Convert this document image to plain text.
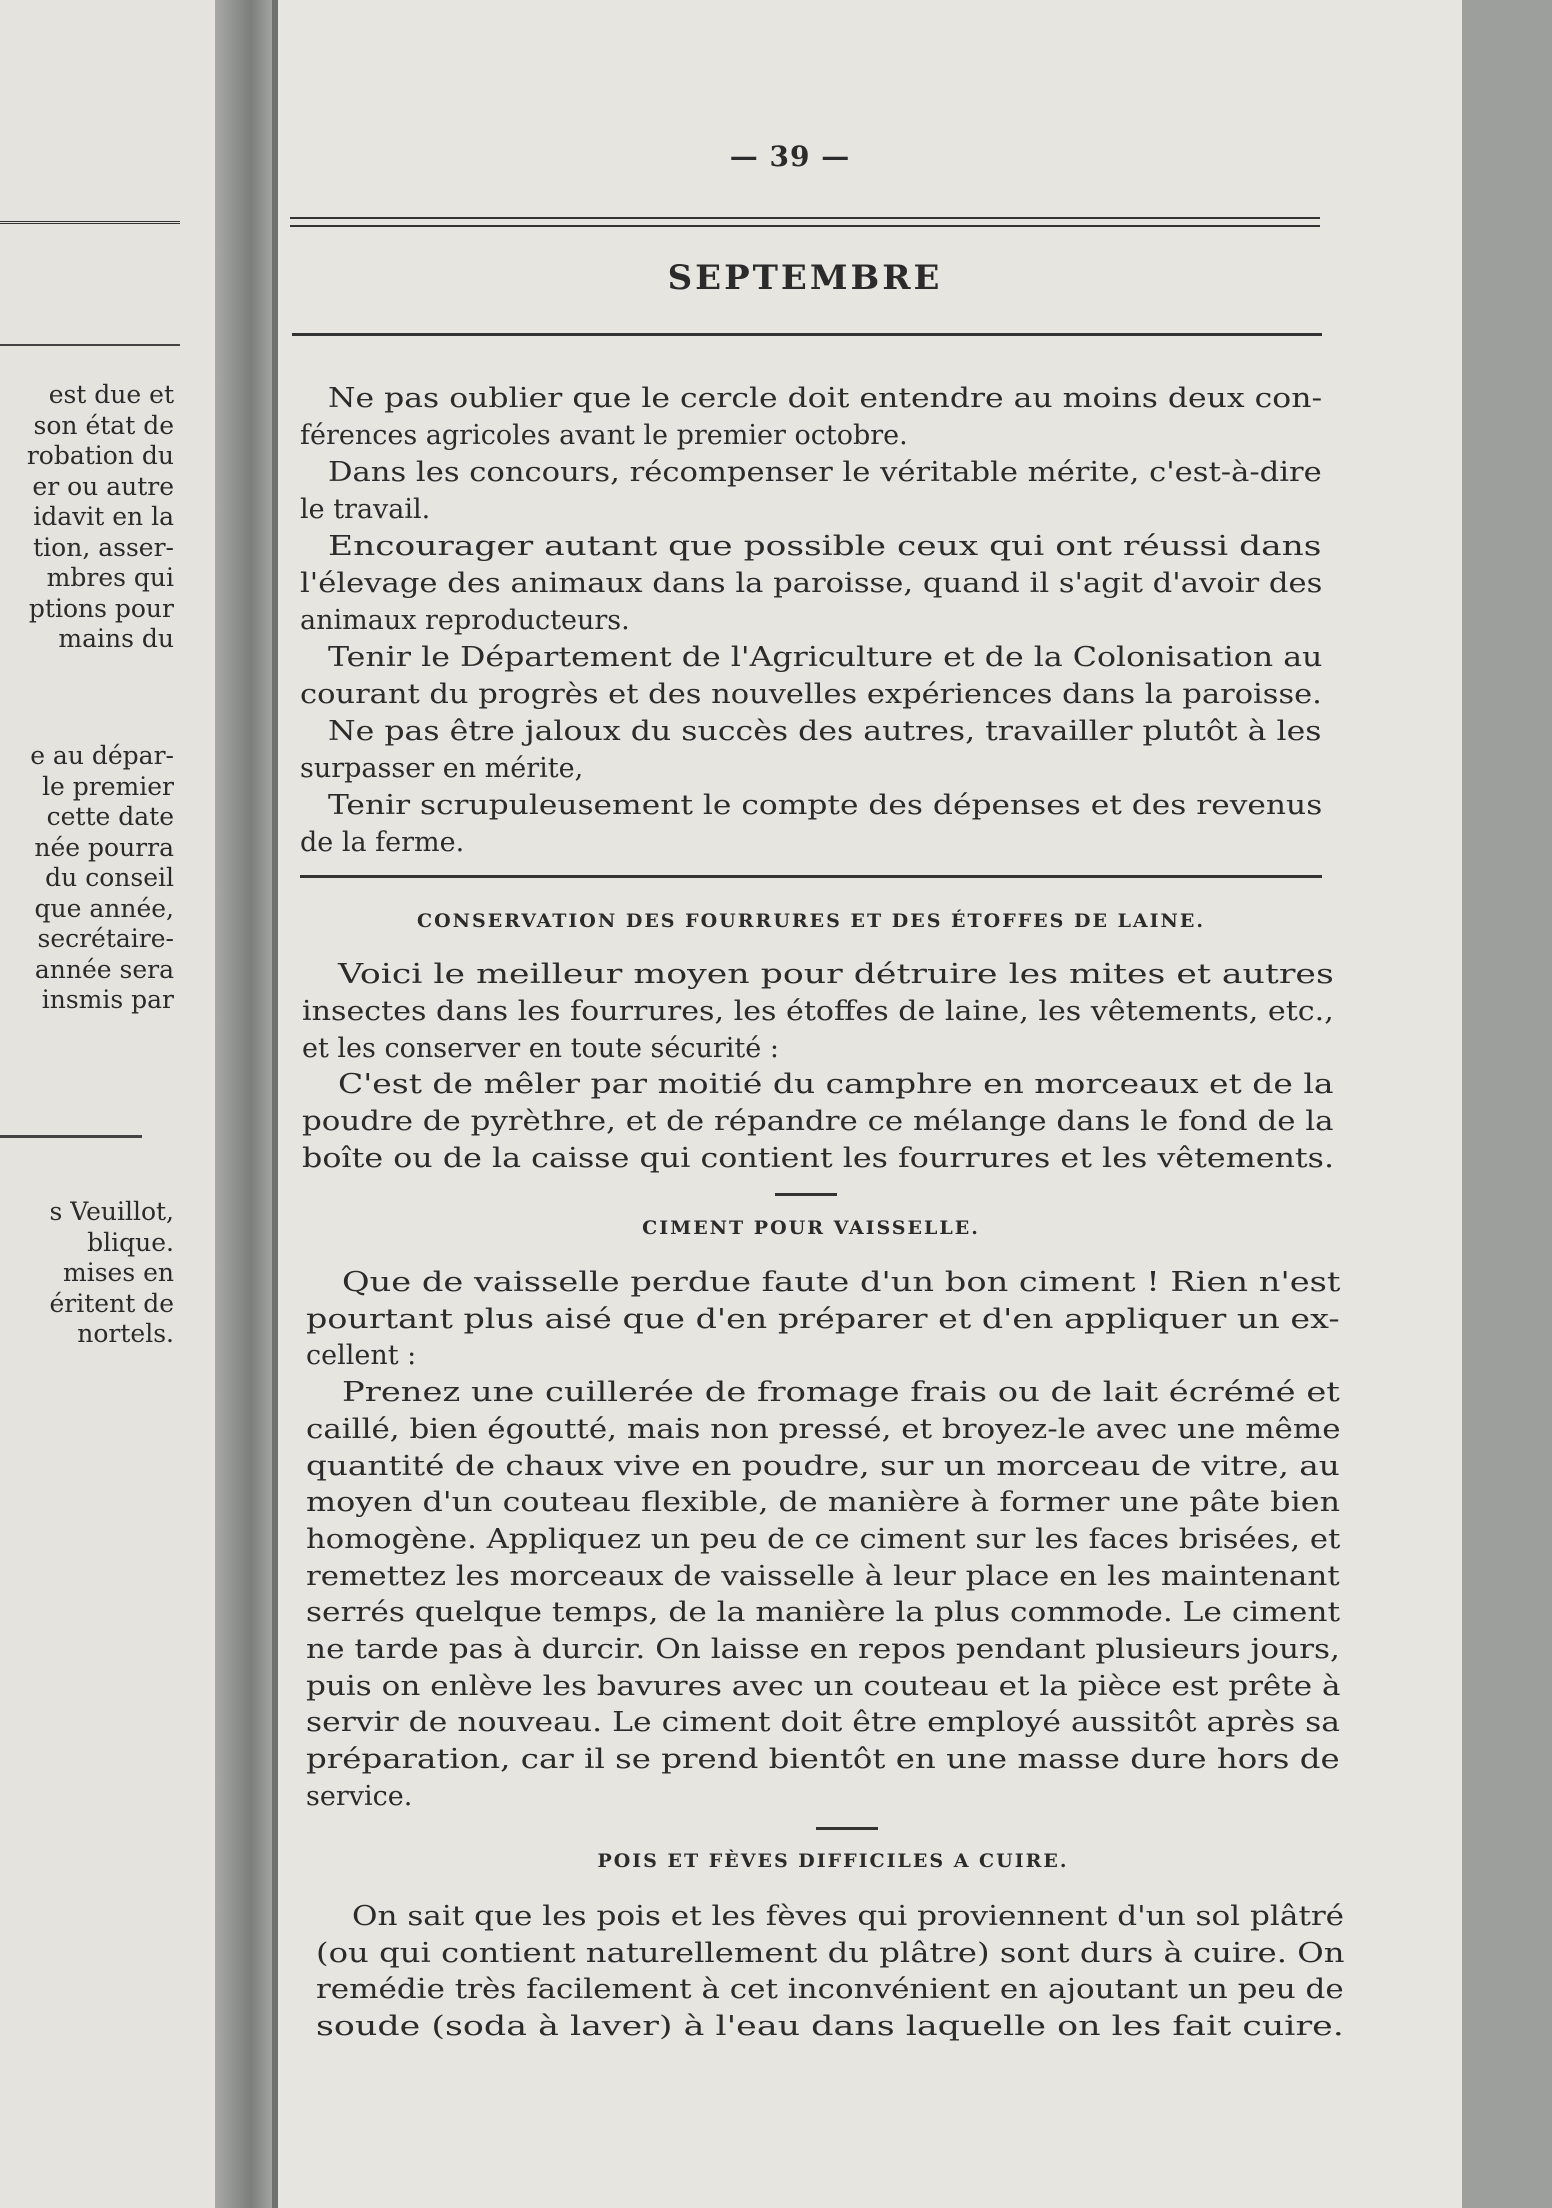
est due et
son état de
robation du
er ou autre
idavit en la
tion, asser-
mbres qui
ptions pour
mains du
e au dépar-
le premier
cette date
née pourra
du conseil
que année,
secrétaire-
année sera
insmis par
s Veuillot,
blique.
mises en
éritent de
nortels.
— 39 —
SEPTEMBRE
Ne pas oublier que le cercle doit entendre au moins deux con-
férences agricoles avant le premier octobre.
Dans les concours, récompenser le véritable mérite, c'est-à-dire
le travail.
Encourager autant que possible ceux qui ont réussi dans
l'élevage des animaux dans la paroisse, quand il s'agit d'avoir des
animaux reproducteurs.
Tenir le Département de l'Agriculture et de la Colonisation au
courant du progrès et des nouvelles expériences dans la paroisse.
Ne pas être jaloux du succès des autres, travailler plutôt à les
surpasser en mérite,
Tenir scrupuleusement le compte des dépenses et des revenus
de la ferme.
CONSERVATION DES FOURRURES ET DES ÉTOFFES DE LAINE.
Voici le meilleur moyen pour détruire les mites et autres
insectes dans les fourrures, les étoffes de laine, les vêtements, etc.,
et les conserver en toute sécurité :
C'est de mêler par moitié du camphre en morceaux et de la
poudre de pyrèthre, et de répandre ce mélange dans le fond de la
boîte ou de la caisse qui contient les fourrures et les vêtements.
CIMENT POUR VAISSELLE.
Que de vaisselle perdue faute d'un bon ciment ! Rien n'est
pourtant plus aisé que d'en préparer et d'en appliquer un ex-
cellent :
Prenez une cuillerée de fromage frais ou de lait écrémé et
caillé, bien égoutté, mais non pressé, et broyez-le avec une même
quantité de chaux vive en poudre, sur un morceau de vitre, au
moyen d'un couteau flexible, de manière à former une pâte bien
homogène. Appliquez un peu de ce ciment sur les faces brisées, et
remettez les morceaux de vaisselle à leur place en les maintenant
serrés quelque temps, de la manière la plus commode. Le ciment
ne tarde pas à durcir. On laisse en repos pendant plusieurs jours,
puis on enlève les bavures avec un couteau et la pièce est prête à
servir de nouveau. Le ciment doit être employé aussitôt après sa
préparation, car il se prend bientôt en une masse dure hors de
service.
POIS ET FÈVES DIFFICILES A CUIRE.
On sait que les pois et les fèves qui proviennent d'un sol plâtré
(ou qui contient naturellement du plâtre) sont durs à cuire. On
remédie très facilement à cet inconvénient en ajoutant un peu de
soude (soda à laver) à l'eau dans laquelle on les fait cuire.
